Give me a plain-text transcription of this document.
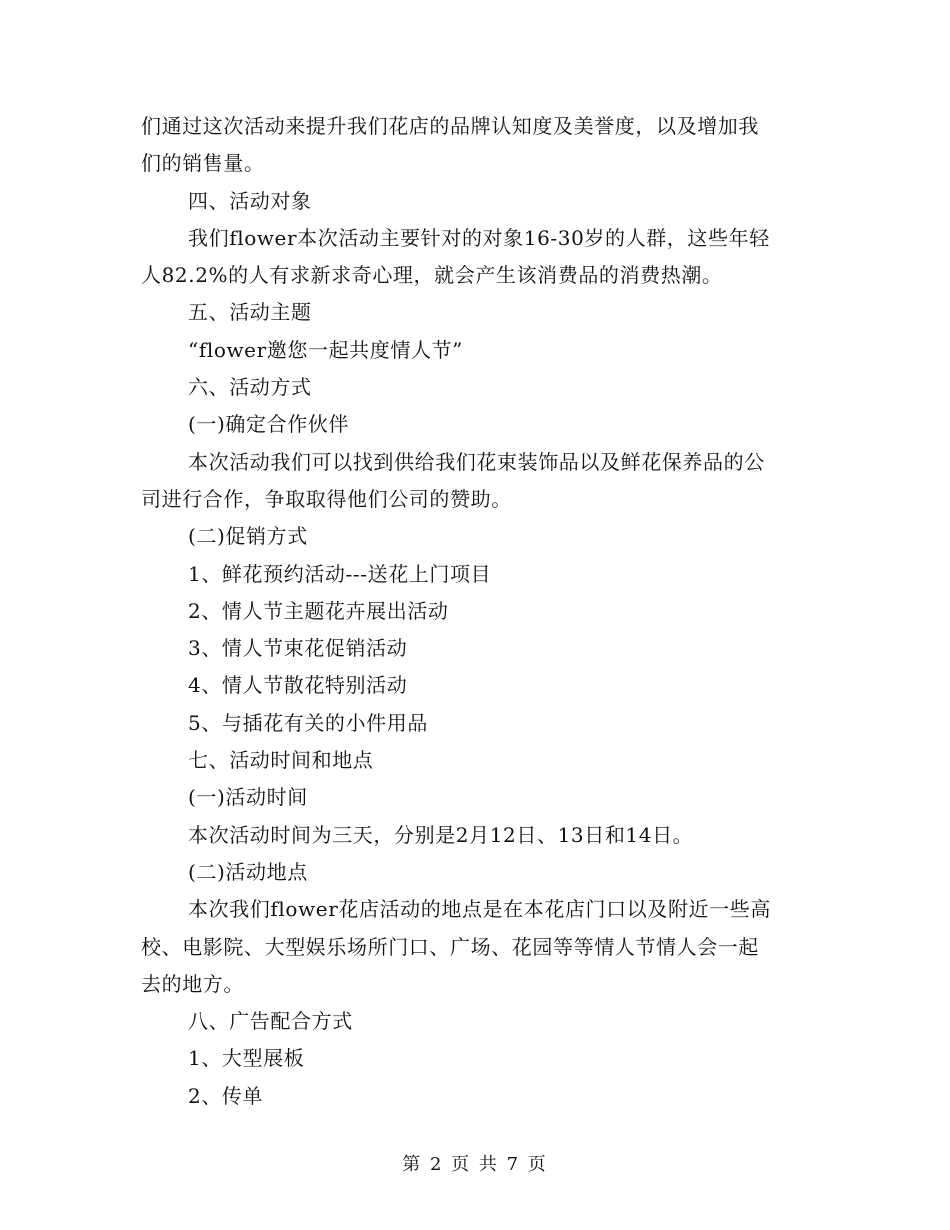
们通过这次活动来提升我们花店的品牌认知度及美誉度，以及增加我
们的销售量。
四、活动对象
我们flower本次活动主要针对的对象16-30岁的人群，这些年轻
人82.2%的人有求新求奇心理，就会产生该消费品的消费热潮。
五、活动主题
“flower邀您一起共度情人节”
六、活动方式
(一)确定合作伙伴
本次活动我们可以找到供给我们花束装饰品以及鲜花保养品的公
司进行合作，争取取得他们公司的赞助。
(二)促销方式
1、鲜花预约活动---送花上门项目
2、情人节主题花卉展出活动
3、情人节束花促销活动
4、情人节散花特别活动
5、与插花有关的小件用品
七、活动时间和地点
(一)活动时间
本次活动时间为三天，分别是2月12日、13日和14日。
(二)活动地点
本次我们flower花店活动的地点是在本花店门口以及附近一些高
校、电影院、大型娱乐场所门口、广场、花园等等情人节情人会一起
去的地方。
八、广告配合方式
1、大型展板
2、传单
第 2 页 共 7 页
